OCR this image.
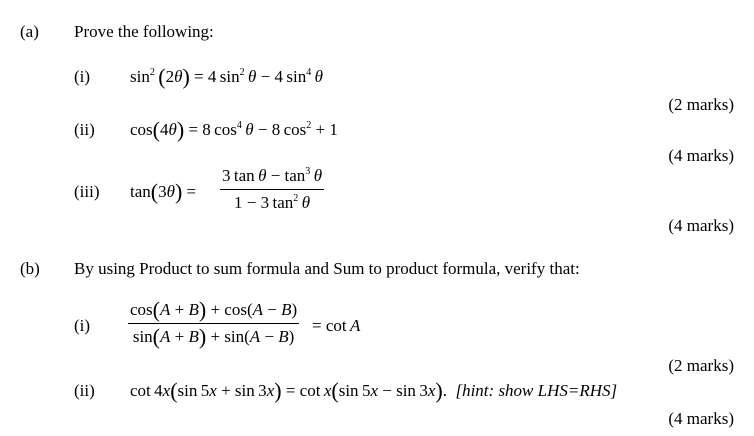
(a) Prove the following:
(i) $\sin^2 (2\theta) = 4$ $\sin^2 \theta - 4$ $\sin^4 \theta$
(2 marks)
(ii) cos(4θ) = 8 $\cos^4 \theta - 8$ $\cos^2 + 1$
(4 marks)
(iii) tan(3θ) =
3 $\tan \theta - \tan^3 \theta$
1 − 3 $\tan^2 \theta$
(4 marks)
(b) By using Product to sum formula and Sum to product formula, verify that:
(i)
cos(A + B) + cos(A − B)
sin(A + B) + sin(A − B)
= cot A
(2 marks)
(ii) cot 4x(sin 5x + sin 3x) = cot x(sin 5x − sin 3x).  [hint: show LHS=RHS]
(4 marks)
